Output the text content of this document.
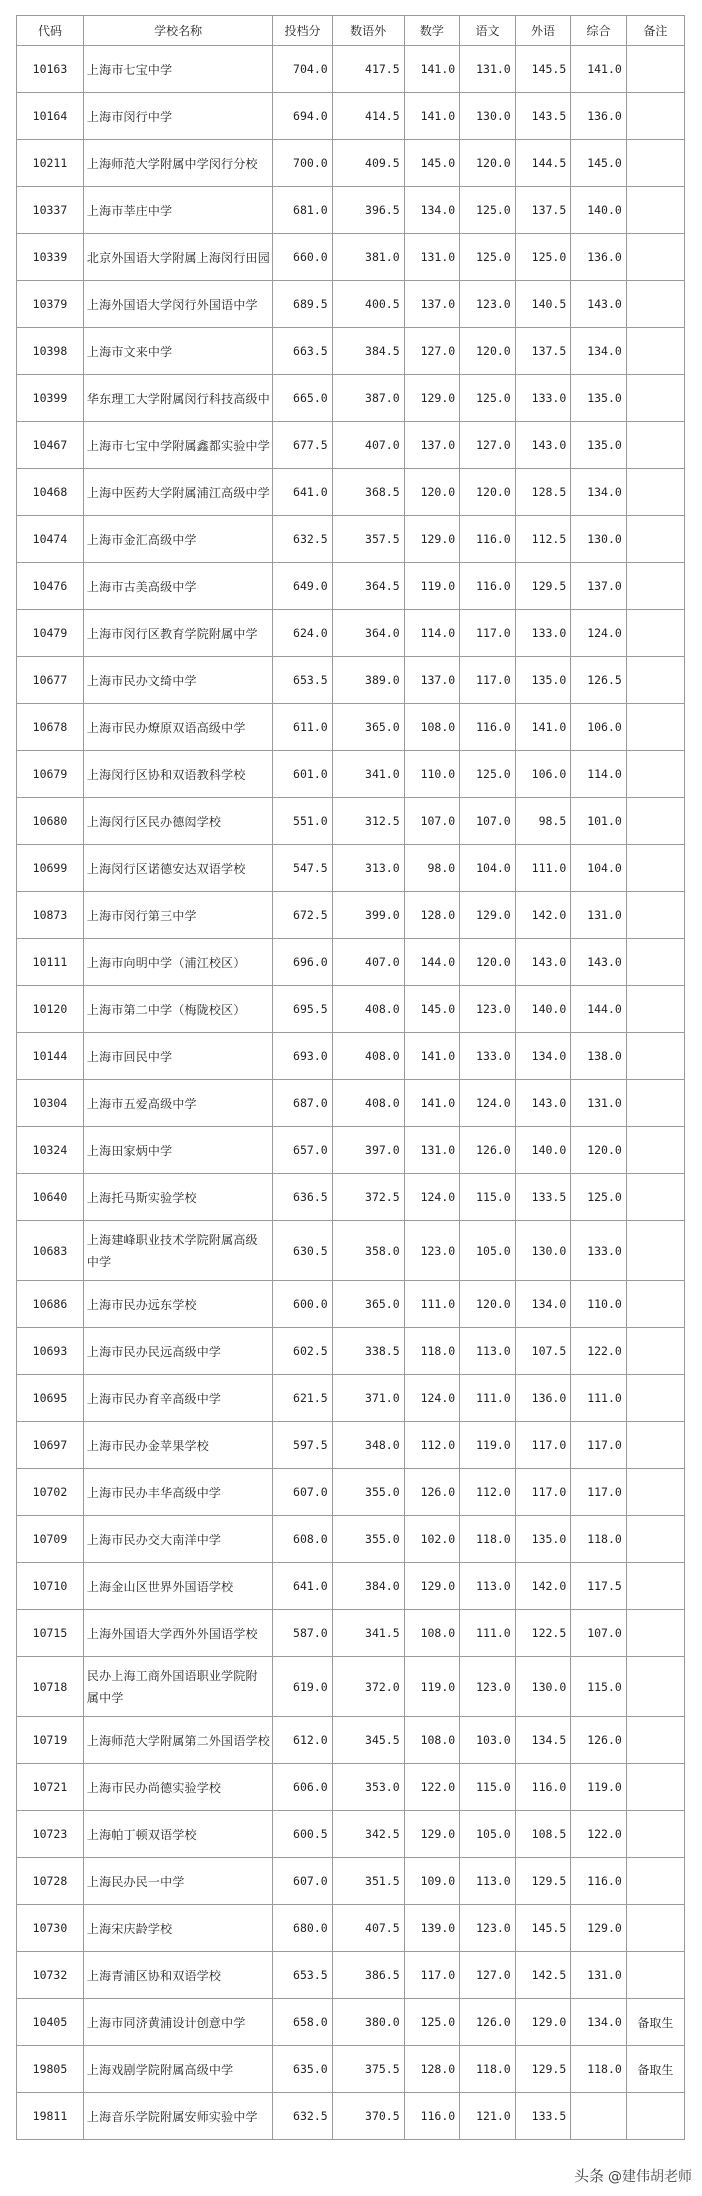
代码	学校名称	投档分	数语外	数学	语文	外语	综合	备注
10163	上海市七宝中学	704.0	417.5	141.0	131.0	145.5	141.0	
10164	上海市闵行中学	694.0	414.5	141.0	130.0	143.5	136.0	
10211	上海师范大学附属中学闵行分校	700.0	409.5	145.0	120.0	144.5	145.0	
10337	上海市莘庄中学	681.0	396.5	134.0	125.0	137.5	140.0	
10339	北京外国语大学附属上海闵行田园	660.0	381.0	131.0	125.0	125.0	136.0	
10379	上海外国语大学闵行外国语中学	689.5	400.5	137.0	123.0	140.5	143.0	
10398	上海市文来中学	663.5	384.5	127.0	120.0	137.5	134.0	
10399	华东理工大学附属闵行科技高级中	665.0	387.0	129.0	125.0	133.0	135.0	
10467	上海市七宝中学附属鑫都实验中学	677.5	407.0	137.0	127.0	143.0	135.0	
10468	上海中医药大学附属浦江高级中学	641.0	368.5	120.0	120.0	128.5	134.0	
10474	上海市金汇高级中学	632.5	357.5	129.0	116.0	112.5	130.0	
10476	上海市古美高级中学	649.0	364.5	119.0	116.0	129.5	137.0	
10479	上海市闵行区教育学院附属中学	624.0	364.0	114.0	117.0	133.0	124.0	
10677	上海市民办文绮中学	653.5	389.0	137.0	117.0	135.0	126.5	
10678	上海市民办燎原双语高级中学	611.0	365.0	108.0	116.0	141.0	106.0	
10679	上海闵行区协和双语教科学校	601.0	341.0	110.0	125.0	106.0	114.0	
10680	上海闵行区民办德闳学校	551.0	312.5	107.0	107.0	98.5	101.0	
10699	上海闵行区诺德安达双语学校	547.5	313.0	98.0	104.0	111.0	104.0	
10873	上海市闵行第三中学	672.5	399.0	128.0	129.0	142.0	131.0	
10111	上海市向明中学（浦江校区）	696.0	407.0	144.0	120.0	143.0	143.0	
10120	上海市第二中学（梅陇校区）	695.5	408.0	145.0	123.0	140.0	144.0	
10144	上海市回民中学	693.0	408.0	141.0	133.0	134.0	138.0	
10304	上海市五爱高级中学	687.0	408.0	141.0	124.0	143.0	131.0	
10324	上海田家炳中学	657.0	397.0	131.0	126.0	140.0	120.0	
10640	上海托马斯实验学校	636.5	372.5	124.0	115.0	133.5	125.0	
10683	上海建峰职业技术学院附属高级中学	630.5	358.0	123.0	105.0	130.0	133.0	
10686	上海市民办远东学校	600.0	365.0	111.0	120.0	134.0	110.0	
10693	上海市民办民远高级中学	602.5	338.5	118.0	113.0	107.5	122.0	
10695	上海市民办育辛高级中学	621.5	371.0	124.0	111.0	136.0	111.0	
10697	上海市民办金苹果学校	597.5	348.0	112.0	119.0	117.0	117.0	
10702	上海市民办丰华高级中学	607.0	355.0	126.0	112.0	117.0	117.0	
10709	上海市民办交大南洋中学	608.0	355.0	102.0	118.0	135.0	118.0	
10710	上海金山区世界外国语学校	641.0	384.0	129.0	113.0	142.0	117.5	
10715	上海外国语大学西外外国语学校	587.0	341.5	108.0	111.0	122.5	107.0	
10718	民办上海工商外国语职业学院附属中学	619.0	372.0	119.0	123.0	130.0	115.0	
10719	上海师范大学附属第二外国语学校	612.0	345.5	108.0	103.0	134.5	126.0	
10721	上海市民办尚德实验学校	606.0	353.0	122.0	115.0	116.0	119.0	
10723	上海帕丁顿双语学校	600.5	342.5	129.0	105.0	108.5	122.0	
10728	上海民办民一中学	607.0	351.5	109.0	113.0	129.5	116.0	
10730	上海宋庆龄学校	680.0	407.5	139.0	123.0	145.5	129.0	
10732	上海青浦区协和双语学校	653.5	386.5	117.0	127.0	142.5	131.0	
10405	上海市同济黄浦设计创意中学	658.0	380.0	125.0	126.0	129.0	134.0	备取生
19805	上海戏剧学院附属高级中学	635.0	375.5	128.0	118.0	129.5	118.0	备取生
19811	上海音乐学院附属安师实验中学	632.5	370.5	116.0	121.0	133.5		
头条 @建伟胡老师
